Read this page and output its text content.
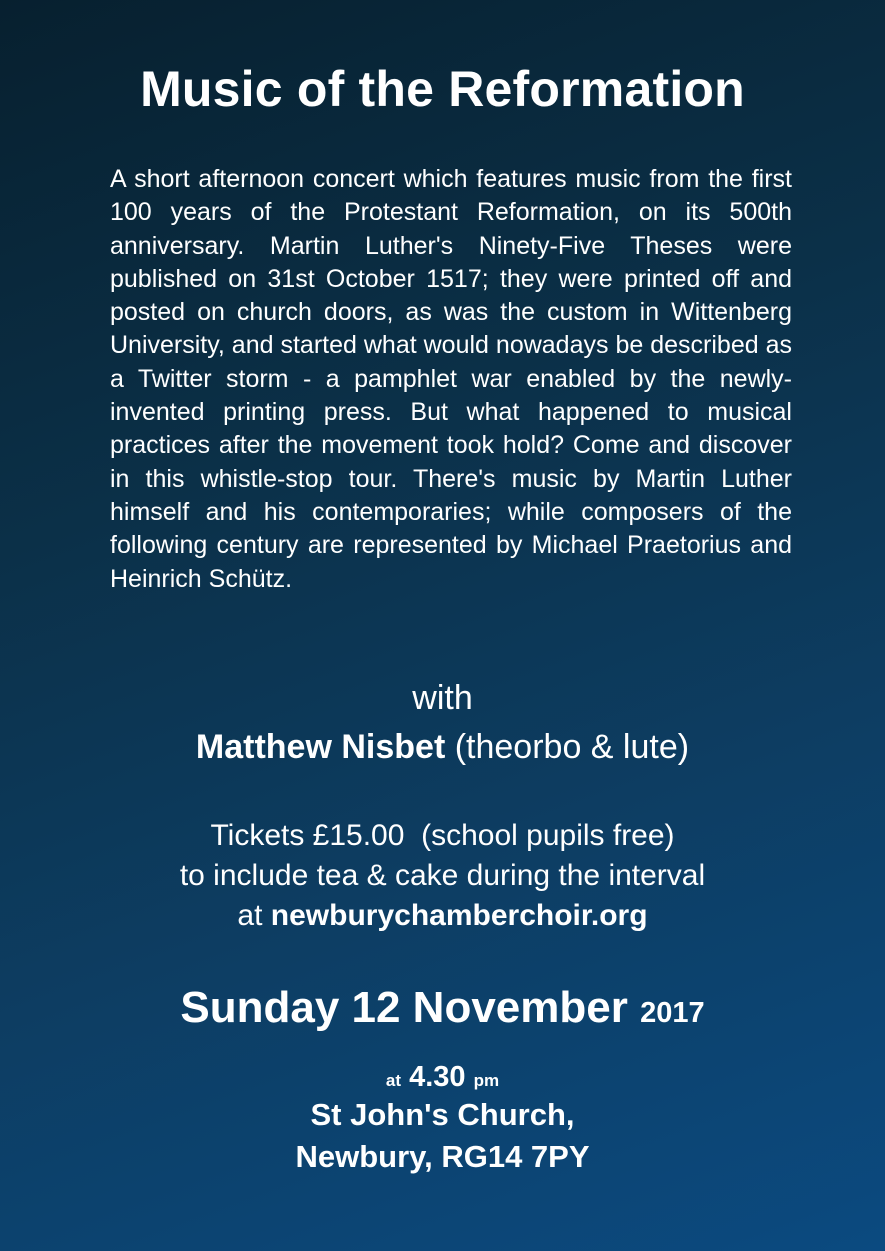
Music of the Reformation

A short afternoon concert which features music from the first 100 years of the Protestant Reformation, on its 500th anniversary. Martin Luther's Ninety-Five Theses were published on 31st October 1517; they were printed off and posted on church doors, as was the custom in Wittenberg University, and started what would nowadays be described as a Twitter storm - a pamphlet war enabled by the newly-invented printing press. But what happened to musical practices after the movement took hold? Come and discover in this whistle-stop tour. There's music by Martin Luther himself and his contemporaries; while composers of the following century are represented by Michael Praetorius and Heinrich Schütz.

with

Matthew Nisbet (theorbo & lute)

Tickets £15.00  (school pupils free)
to include tea & cake during the interval
at newburychamberchoir.org

Sunday 12 November 2017

at 4.30 pm

St John's Church,
Newbury, RG14 7PY
